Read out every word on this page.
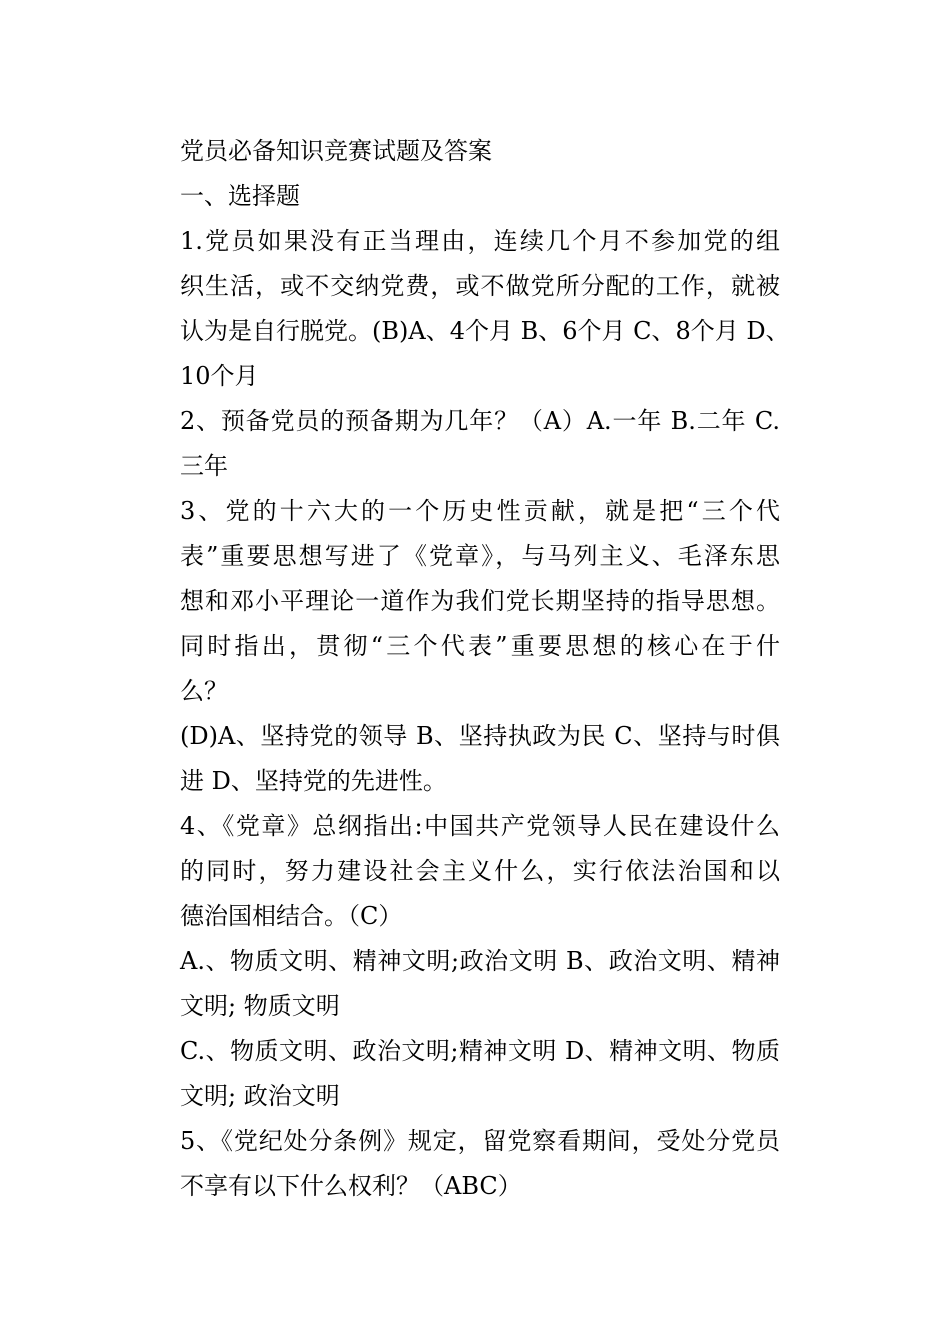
党员必备知识竞赛试题及答案
一、选择题
1.党员如果没有正当理由，连续几个月不参加党的组
织生活，或不交纳党费，或不做党所分配的工作，就被
认为是自行脱党。(B)A、4个月 B、6个月 C、8个月 D、
10个月
2、预备党员的预备期为几年？（A）A.一年 B.二年 C.
三年
3、党的十六大的一个历史性贡献，就是把“三个代
表”重要思想写进了《党章》，与马列主义、毛泽东思
想和邓小平理论一道作为我们党长期坚持的指导思想。
同时指出，贯彻“三个代表”重要思想的核心在于什
么？
(D)A、坚持党的领导 B、坚持执政为民 C、坚持与时俱
进 D、坚持党的先进性。
4、《党章》总纲指出:中国共产党领导人民在建设什么
的同时，努力建设社会主义什么，实行依法治国和以
德治国相结合。（C）
A.、物质文明、精神文明;政治文明 B、政治文明、精神
文明; 物质文明
C.、物质文明、政治文明;精神文明 D、精神文明、物质
文明; 政治文明
5、《党纪处分条例》规定，留党察看期间，受处分党员
不享有以下什么权利？（ABC）
